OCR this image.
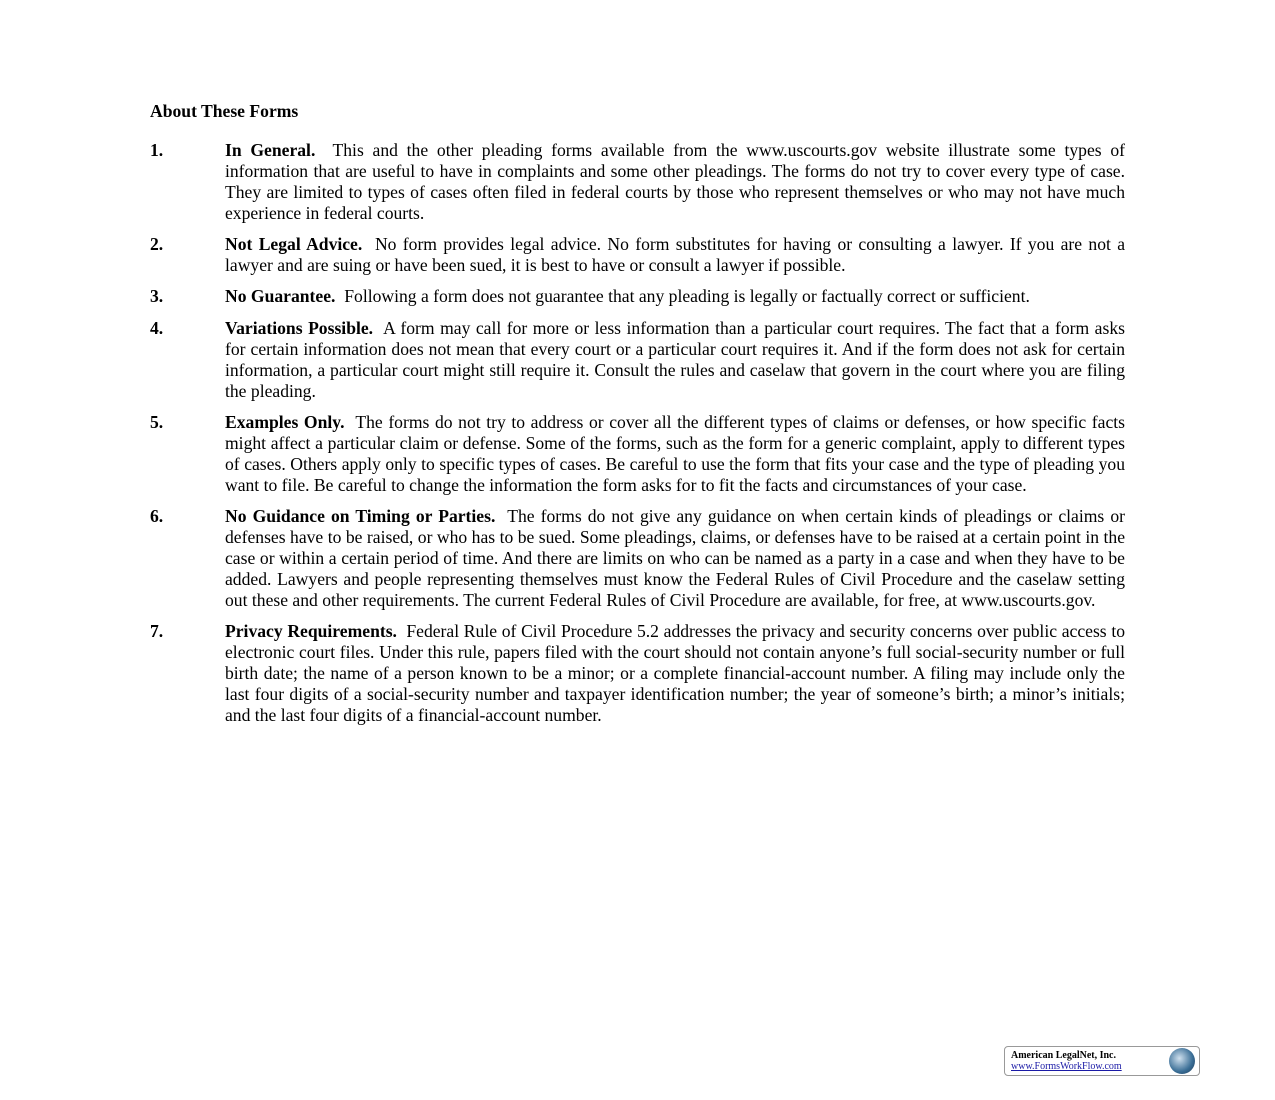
About These Forms
1.	In General. This and the other pleading forms available from the www.uscourts.gov website illustrate some types of information that are useful to have in complaints and some other pleadings. The forms do not try to cover every type of case. They are limited to types of cases often filed in federal courts by those who represent themselves or who may not have much experience in federal courts.
2.	Not Legal Advice. No form provides legal advice. No form substitutes for having or consulting a lawyer. If you are not a lawyer and are suing or have been sued, it is best to have or consult a lawyer if possible.
3.	No Guarantee. Following a form does not guarantee that any pleading is legally or factually correct or sufficient.
4.	Variations Possible. A form may call for more or less information than a particular court requires. The fact that a form asks for certain information does not mean that every court or a particular court requires it. And if the form does not ask for certain information, a particular court might still require it. Consult the rules and caselaw that govern in the court where you are filing the pleading.
5.	Examples Only. The forms do not try to address or cover all the different types of claims or defenses, or how specific facts might affect a particular claim or defense. Some of the forms, such as the form for a generic complaint, apply to different types of cases. Others apply only to specific types of cases. Be careful to use the form that fits your case and the type of pleading you want to file. Be careful to change the information the form asks for to fit the facts and circumstances of your case.
6.	No Guidance on Timing or Parties. The forms do not give any guidance on when certain kinds of pleadings or claims or defenses have to be raised, or who has to be sued. Some pleadings, claims, or defenses have to be raised at a certain point in the case or within a certain period of time. And there are limits on who can be named as a party in a case and when they have to be added. Lawyers and people representing themselves must know the Federal Rules of Civil Procedure and the caselaw setting out these and other requirements. The current Federal Rules of Civil Procedure are available, for free, at www.uscourts.gov.
7.	Privacy Requirements. Federal Rule of Civil Procedure 5.2 addresses the privacy and security concerns over public access to electronic court files. Under this rule, papers filed with the court should not contain anyone’s full social-security number or full birth date; the name of a person known to be a minor; or a complete financial-account number. A filing may include only the last four digits of a social-security number and taxpayer identification number; the year of someone’s birth; a minor’s initials; and the last four digits of a financial-account number.
American LegalNet, Inc.
www.FormsWorkFlow.com
